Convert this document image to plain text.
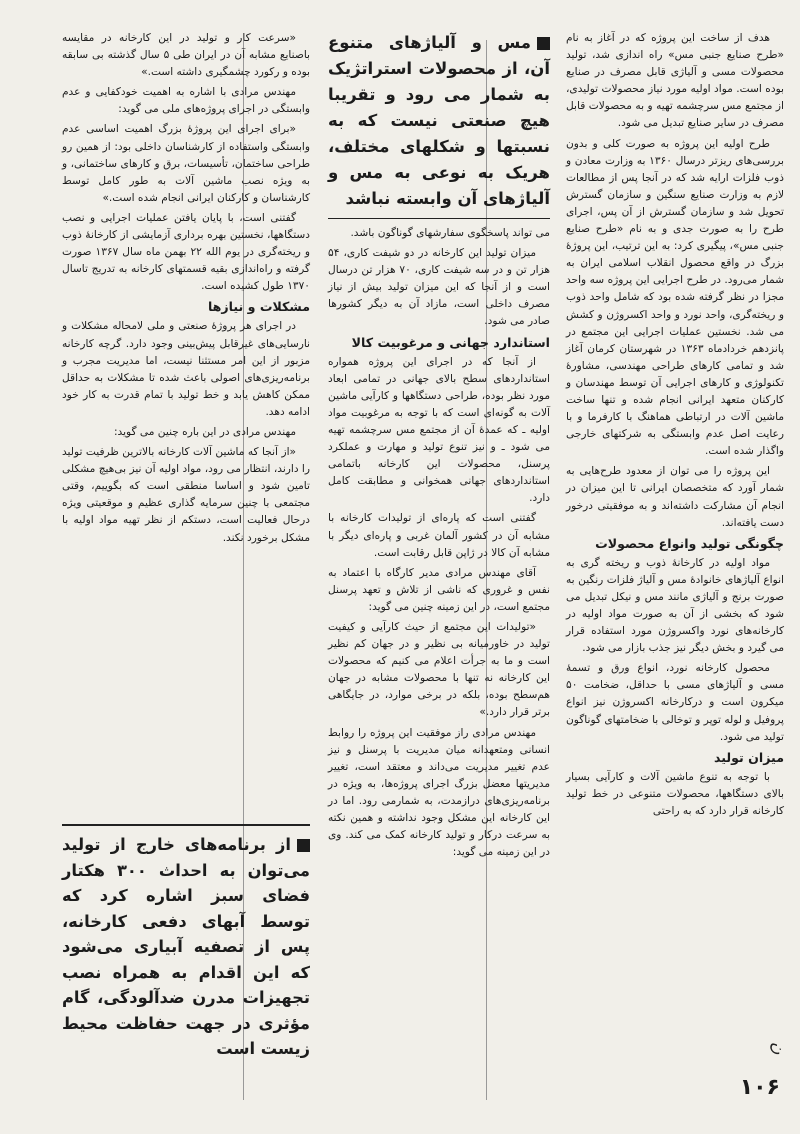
هدف از ساخت این پروژه که در آغاز به نام «طرح صنایع جنبی مس» راه اندازی شد، تولید محصولات مسی و آلیاژی قابل مصرف در صنایع بوده است. مواد اولیه مورد نیاز محصولات تولیدی، از مجتمع مس سرچشمه تهیه و به محصولات قابل مصرف در سایر صنایع تبدیل می شود.

طرح اولیه این پروژه به صورت کلی و بدون بررسی‌های ریزتر درسال ۱۳۶۰ به وزارت معادن و ذوب فلزات ارایه شد که در آنجا پس از مطالعات لازم به وزارت صنایع سنگین و سازمان گسترش تحویل شد و سازمان گسترش از آن پس، اجرای طرح را به صورت جدی و به نام «طرح صنایع جنبی مس»، پیگیری کرد: به این ترتیب، این پروژهٔ بزرگ در واقع محصول انقلاب اسلامی ایران به شمار می‌رود. در طرح اجرایی این پروژه سه واحد مجزا در نظر گرفته شده بود که شامل واحد ذوب و ریخته‌گری، واحد نورد و واحد اکسروژن و کشش می شد. نخستین عملیات اجرایی این مجتمع در پانزدهم خردادماه ۱۳۶۳ در شهرستان کرمان آغاز شد و تمامی کارهای طراحی مهندسی، مشاورهٔ تکنولوژی و کارهای اجرایی آن توسط مهندسان و کارکنان متعهد ایرانی انجام شده و تنها ساخت ماشین آلات در ارتباطی هماهنگ با کارفرما و با رعایت اصل عدم وابستگی به شرکتهای خارجی واگذار شده است.

این پروژه را می توان از معدود طرح‌هایی به شمار آورد که متخصصان ایرانی تا این میزان در انجام آن مشارکت داشته‌اند و به موفقیتی درخور دست یافته‌اند.

چگونگی تولید وانواع محصولات

مواد اولیه در کارخانهٔ ذوب و ریخته گری به انواع آلیاژهای خانوادهٔ مس و آلیاژ فلزات رنگین به صورت برنج و آلیاژی مانند مس و نیکل تبدیل می شود که بخشی از آن به صورت مواد اولیه در کارخانه‌های نورد واکسروژن مورد استفاده قرار می گیرد و بخش دیگر نیز جذب بازار می شود.

محصول کارخانه نورد، انواع ورق و تسمهٔ مسی و آلیاژهای مسی با حداقل، ضخامت ۵۰ میکرون است و درکارخانه اکسروژن نیز انواع پروفیل و لوله توپر و توخالی با ضخامتهای گوناگون تولید می شود.

میزان تولید

با توجه به تنوع ماشین آلات و کارآیی بسیار بالای دستگاهها، محصولات متنوعی در خط تولید کارخانه قرار دارد که به راحتی

مس و آلیاژهای متنوع آن، از محصولات استراتژیک به شمار می رود و تقریبا هیچ صنعتی نیست که به نسبتها و شکلهای مختلف، هریک به نوعی به مس و آلیاژهای آن وابسته نباشد

می تواند پاسخگوی سفارشهای گوناگون باشد.

میزان تولید این کارخانه در دو شیفت کاری، ۵۴ هزار تن و در سه شیفت کاری، ۷۰ هزار تن درسال است و از آنجا که این میزان تولید بیش از نیاز مصرف داخلی است، مازاد آن به دیگر کشورها صادر می شود.

استاندارد جهانی و مرغوبیت کالا

از آنجا که در اجرای این پروژه همواره استانداردهای سطح بالای جهانی در تمامی ابعاد مورد نظر بوده، طراحی دستگاهها و کارآیی ماشین آلات به گونه‌ای است که با توجه به مرغوبیت مواد اولیه ـ که عمدهٔ آن از مجتمع مس سرچشمه تهیه می شود ـ و نیز تنوع تولید و مهارت و عملکرد پرسنل، محصولات این کارخانه باتمامی استانداردهای جهانی همخوانی و مطابقت کامل دارد.

گفتنی است که پاره‌ای از تولیدات کارخانه با مشابه آن در کشور آلمان غربی و پاره‌ای دیگر با مشابه آن کالا در ژاپن قابل رقابت است.

آقای مهندس مرادی مدیر کارگاه با اعتماد به نفس و غروری که ناشی از تلاش و تعهد پرسنل مجتمع است، در این زمینه چنین می گوید:

«تولیدات این مجتمع از حیث کارآیی و کیفیت تولید در خاورمیانه بی نظیر و در جهان کم نظیر است و ما به جرأت اعلام می کنیم که محصولات این کارخانه نه تنها با محصولات مشابه در جهان هم‌سطح بوده، بلکه در برخی موارد، در جایگاهی برتر قرار دارد.»

مهندس مرادی راز موفقیت این پروژه را روابط انسانی ومتعهدانه میان مدیریت با پرسنل و نیز عدم تغییر مدیریت می‌داند و معتقد است، تغییر مدیریتها معضل بزرگ اجرای پروژه‌ها، به ویژه در برنامه‌ریزی‌های درازمدت، به شمارمی رود. اما در این کارخانه این مشکل وجود نداشته و همین نکته به سرعت درکار و تولید کارخانه کمک می کند. وی در این زمینه می گوید:

«سرعت کار و تولید در این کارخانه در مقایسه باصنایع مشابه آن در ایران طی ۵ سال گذشته بی سابقه بوده و رکورد چشمگیری داشته است.»

مهندس مرادی با اشاره به اهمیت خودکفایی و عدم وابستگی در اجرای پروژه‌های ملی می گوید:

«برای اجرای این پروژهٔ بزرگ اهمیت اساسی عدم وابستگی واستفاده از کارشناسان داخلی بود: از همین رو طراحی ساختمان، تأسیسات، برق و کارهای ساختمانی، و به ویژه نصب ماشین آلات به طور کامل توسط کارشناسان و کارکنان ایرانی انجام شده است.»

گفتنی است، با پایان یافتن عملیات اجرایی و نصب دستگاهها، نخستین بهره برداری آزمایشی از کارخانهٔ ذوب و ریخته‌گری در یوم الله ۲۲ بهمن ماه سال ۱۳۶۷ صورت گرفته و راه‌اندازی بقیه قسمتهای کارخانه به تدریج تاسال ۱۳۷۰ طول کشیده است.

مشکلات و نیازها

در اجرای هر پروژهٔ صنعتی و ملی لامحاله مشکلات و نارسایی‌های غیرقابل پیش‌بینی وجود دارد. گرچه کارخانه مزبور از این امر مستثنا نیست، اما مدیریت مجرب و برنامه‌ریزی‌های اصولی باعث شده تا مشکلات به حداقل ممکن کاهش یابد و خط تولید با تمام قدرت به کار خود ادامه دهد.

مهندس مرادی در این باره چنین می گوید:

«از آنجا که ماشین آلات کارخانه بالاترین ظرفیت تولید را دارند، انتظار می رود، مواد اولیه آن نیز بی‌هیچ مشکلی تامین شود و اساسا منطقی است که بگوییم، وقتی مجتمعی با چنین سرمایه گذاری عظیم و موقعیتی ویژه درحال فعالیت است، دستکم از نظر تهیه مواد اولیه با مشکل برخورد نکند.

از برنامه‌های خارج از تولید می‌توان به احداث ۳۰۰ هکتار فضای سبز اشاره کرد که توسط آبهای دفعی کارخانه، پس از تصفیه آبیاری می‌شود که این اقدام به همراه نصب تجهیزات مدرن ضدآلودگی، گام مؤثری در جهت حفاظت محیط زیست است	ن
۱۰۶
